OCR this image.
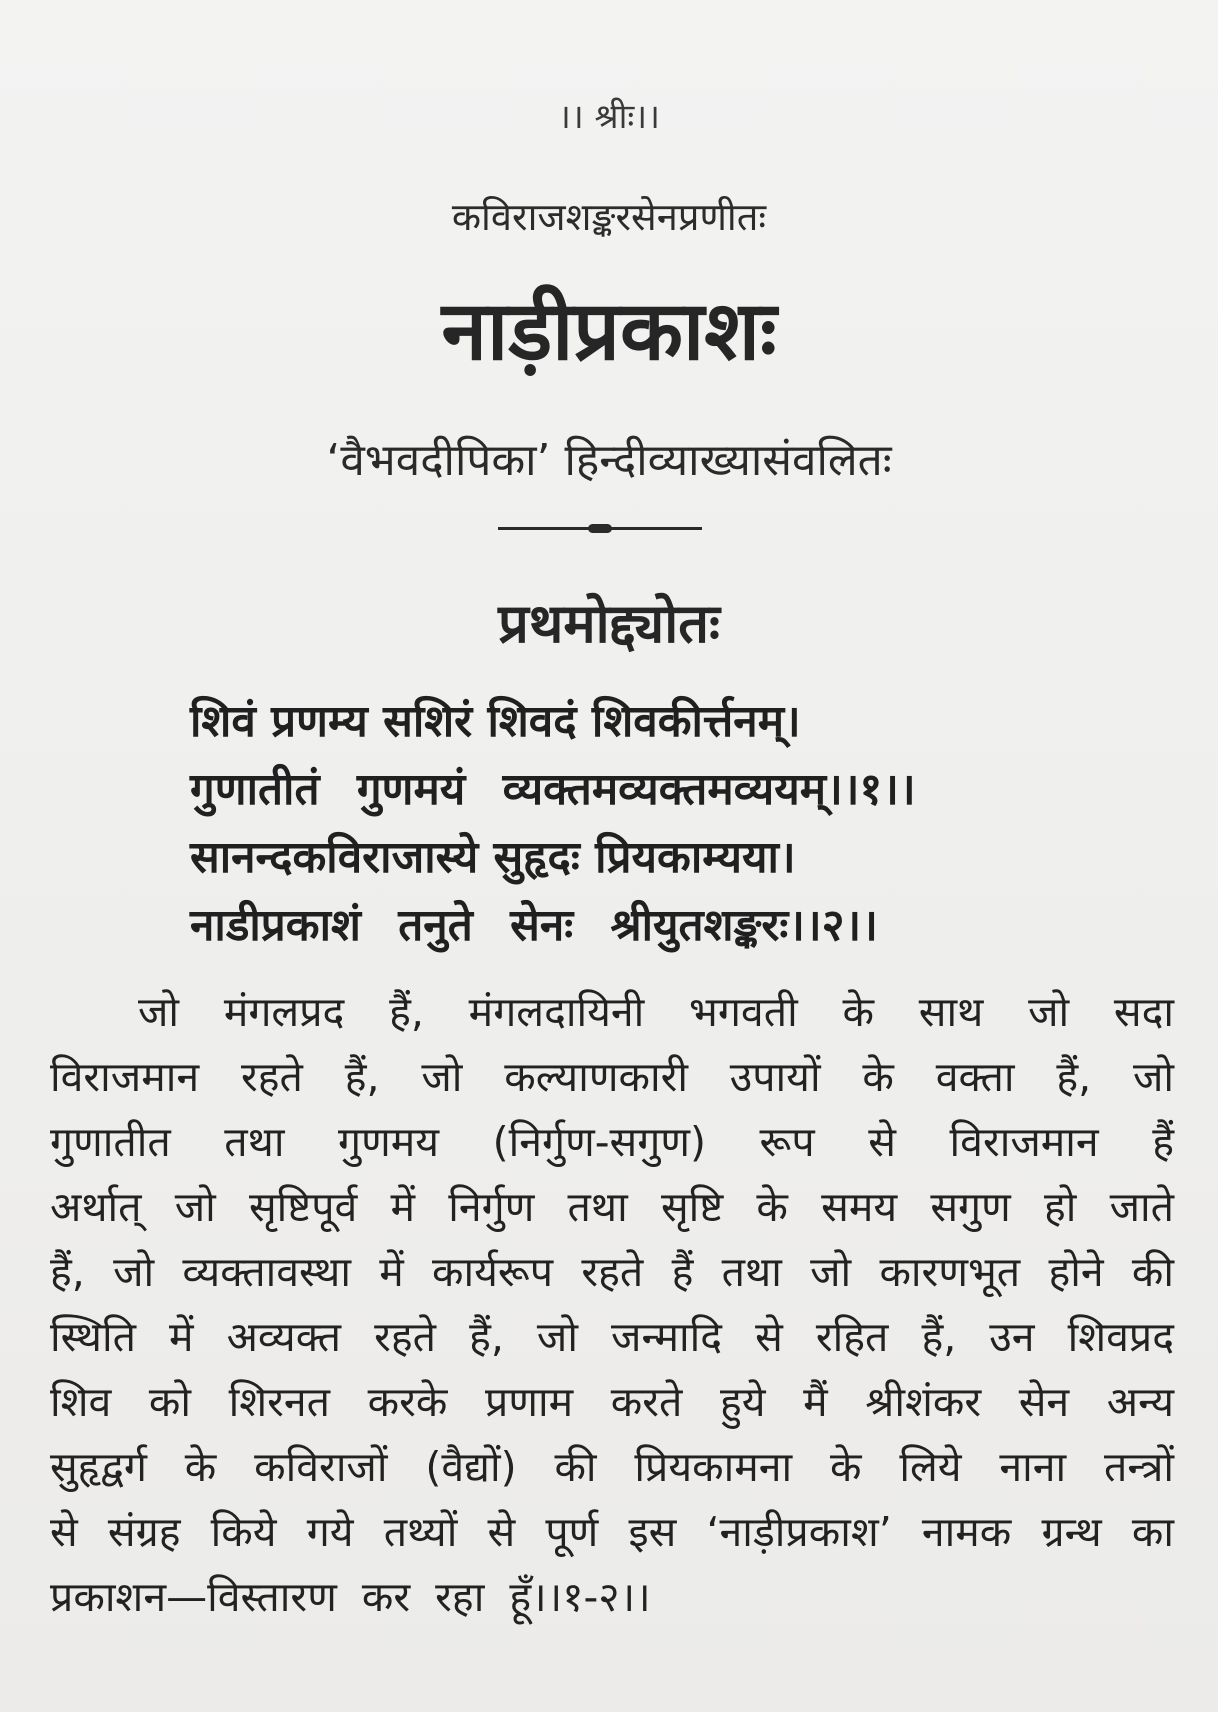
।। श्रीः।।
कविराजशङ्करसेनप्रणीतः
नाड़ीप्रकाशः
‘वैभवदीपिका’ हिन्दीव्याख्यासंवलितः
प्रथमोद्द्योतः
शिवं प्रणम्य सशिरं शिवदं शिवकीर्त्तनम्।
गुणातीतं गुणमयं व्यक्तमव्यक्तमव्ययम्।।१।।
सानन्दकविराजास्ये सुहृदः प्रियकाम्यया।
नाडीप्रकाशं तनुते सेनः श्रीयुतशङ्करः।।२।।
जो मंगलप्रद हैं, मंगलदायिनी भगवती के साथ जो सदा
विराजमान रहते हैं, जो कल्याणकारी उपायों के वक्ता हैं, जो
गुणातीत तथा गुणमय (निर्गुण-सगुण) रूप से विराजमान हैं
अर्थात् जो सृष्टिपूर्व में निर्गुण तथा सृष्टि के समय सगुण हो जाते
हैं, जो व्यक्तावस्था में कार्यरूप रहते हैं तथा जो कारणभूत होने की
स्थिति में अव्यक्त रहते हैं, जो जन्मादि से रहित हैं, उन शिवप्रद
शिव को शिरनत करके प्रणाम करते हुये मैं श्रीशंकर सेन अन्य
सुहृद्वर्ग के कविराजों (वैद्यों) की प्रियकामना के लिये नाना तन्त्रों
से संग्रह किये गये तथ्यों से पूर्ण इस ‘नाड़ीप्रकाश’ नामक ग्रन्थ का
प्रकाशन—विस्तारण कर रहा हूँ।।१-२।।
